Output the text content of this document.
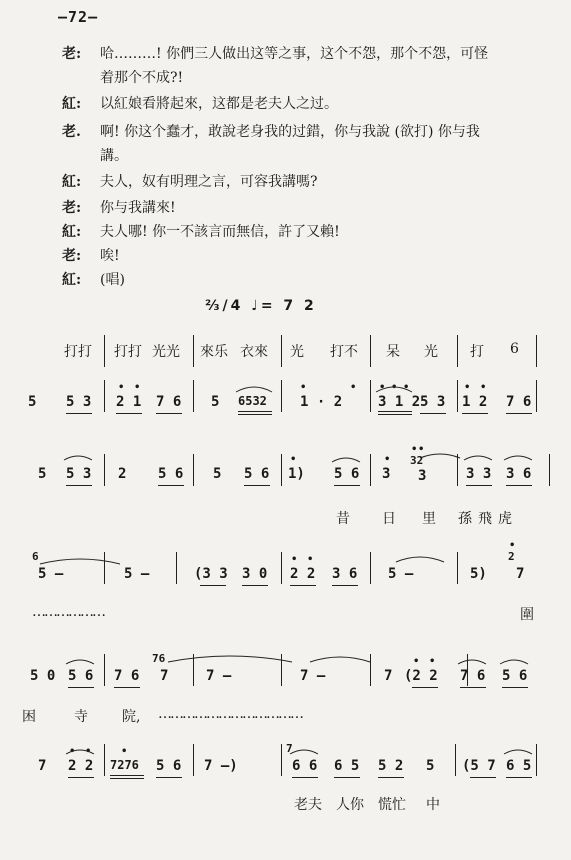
—72—
老:	哈………! 你們三人做出这等之事，这个不怨，那个不怨，可怪
着那个不成?!
紅:	以紅娘看將起來，这都是老夫人之过。
老.	啊! 你这个蠢才，敢說老身我的过錯，你与我說 (欲打) 你与我
講。
紅:	夫人，奴有明理之言，可容我講嗎?
老:	你与我講來!
紅:	夫人哪! 你一不該言而無信，許了又賴!
老:	唉!
紅:	(唱)
⅔/4 ♩= 7 2
打打 打打 光光 來乐 衣來 光 打不 呆 光 打 6
5 5 3 2 1
• •
7 6 5 6532 1 · 2
•	•
3 1 2
• • •
5 3 1 2
• •
7 6
5 5 3 2 5 6 5 5 6 1)
•
5 6 3
• 32
• •
3	3 3 3 6
昔 日 里 孫飛虎
6
5 —	5 —	(3 3 3 0 2 2
• •
3 6 5 —	5)
2
•
7
………………	圍
5 0 5 6 7 6
76
7	7 —	7 —	7 (2 2
• •
7 6 5 6
困	寺 院, ………………………………
7 2 2
• •
7276
•
5 6 7 —)
7
6 6 6 5 5 2 5 (5 7 6 5
老夫 人你 慌忙 中
